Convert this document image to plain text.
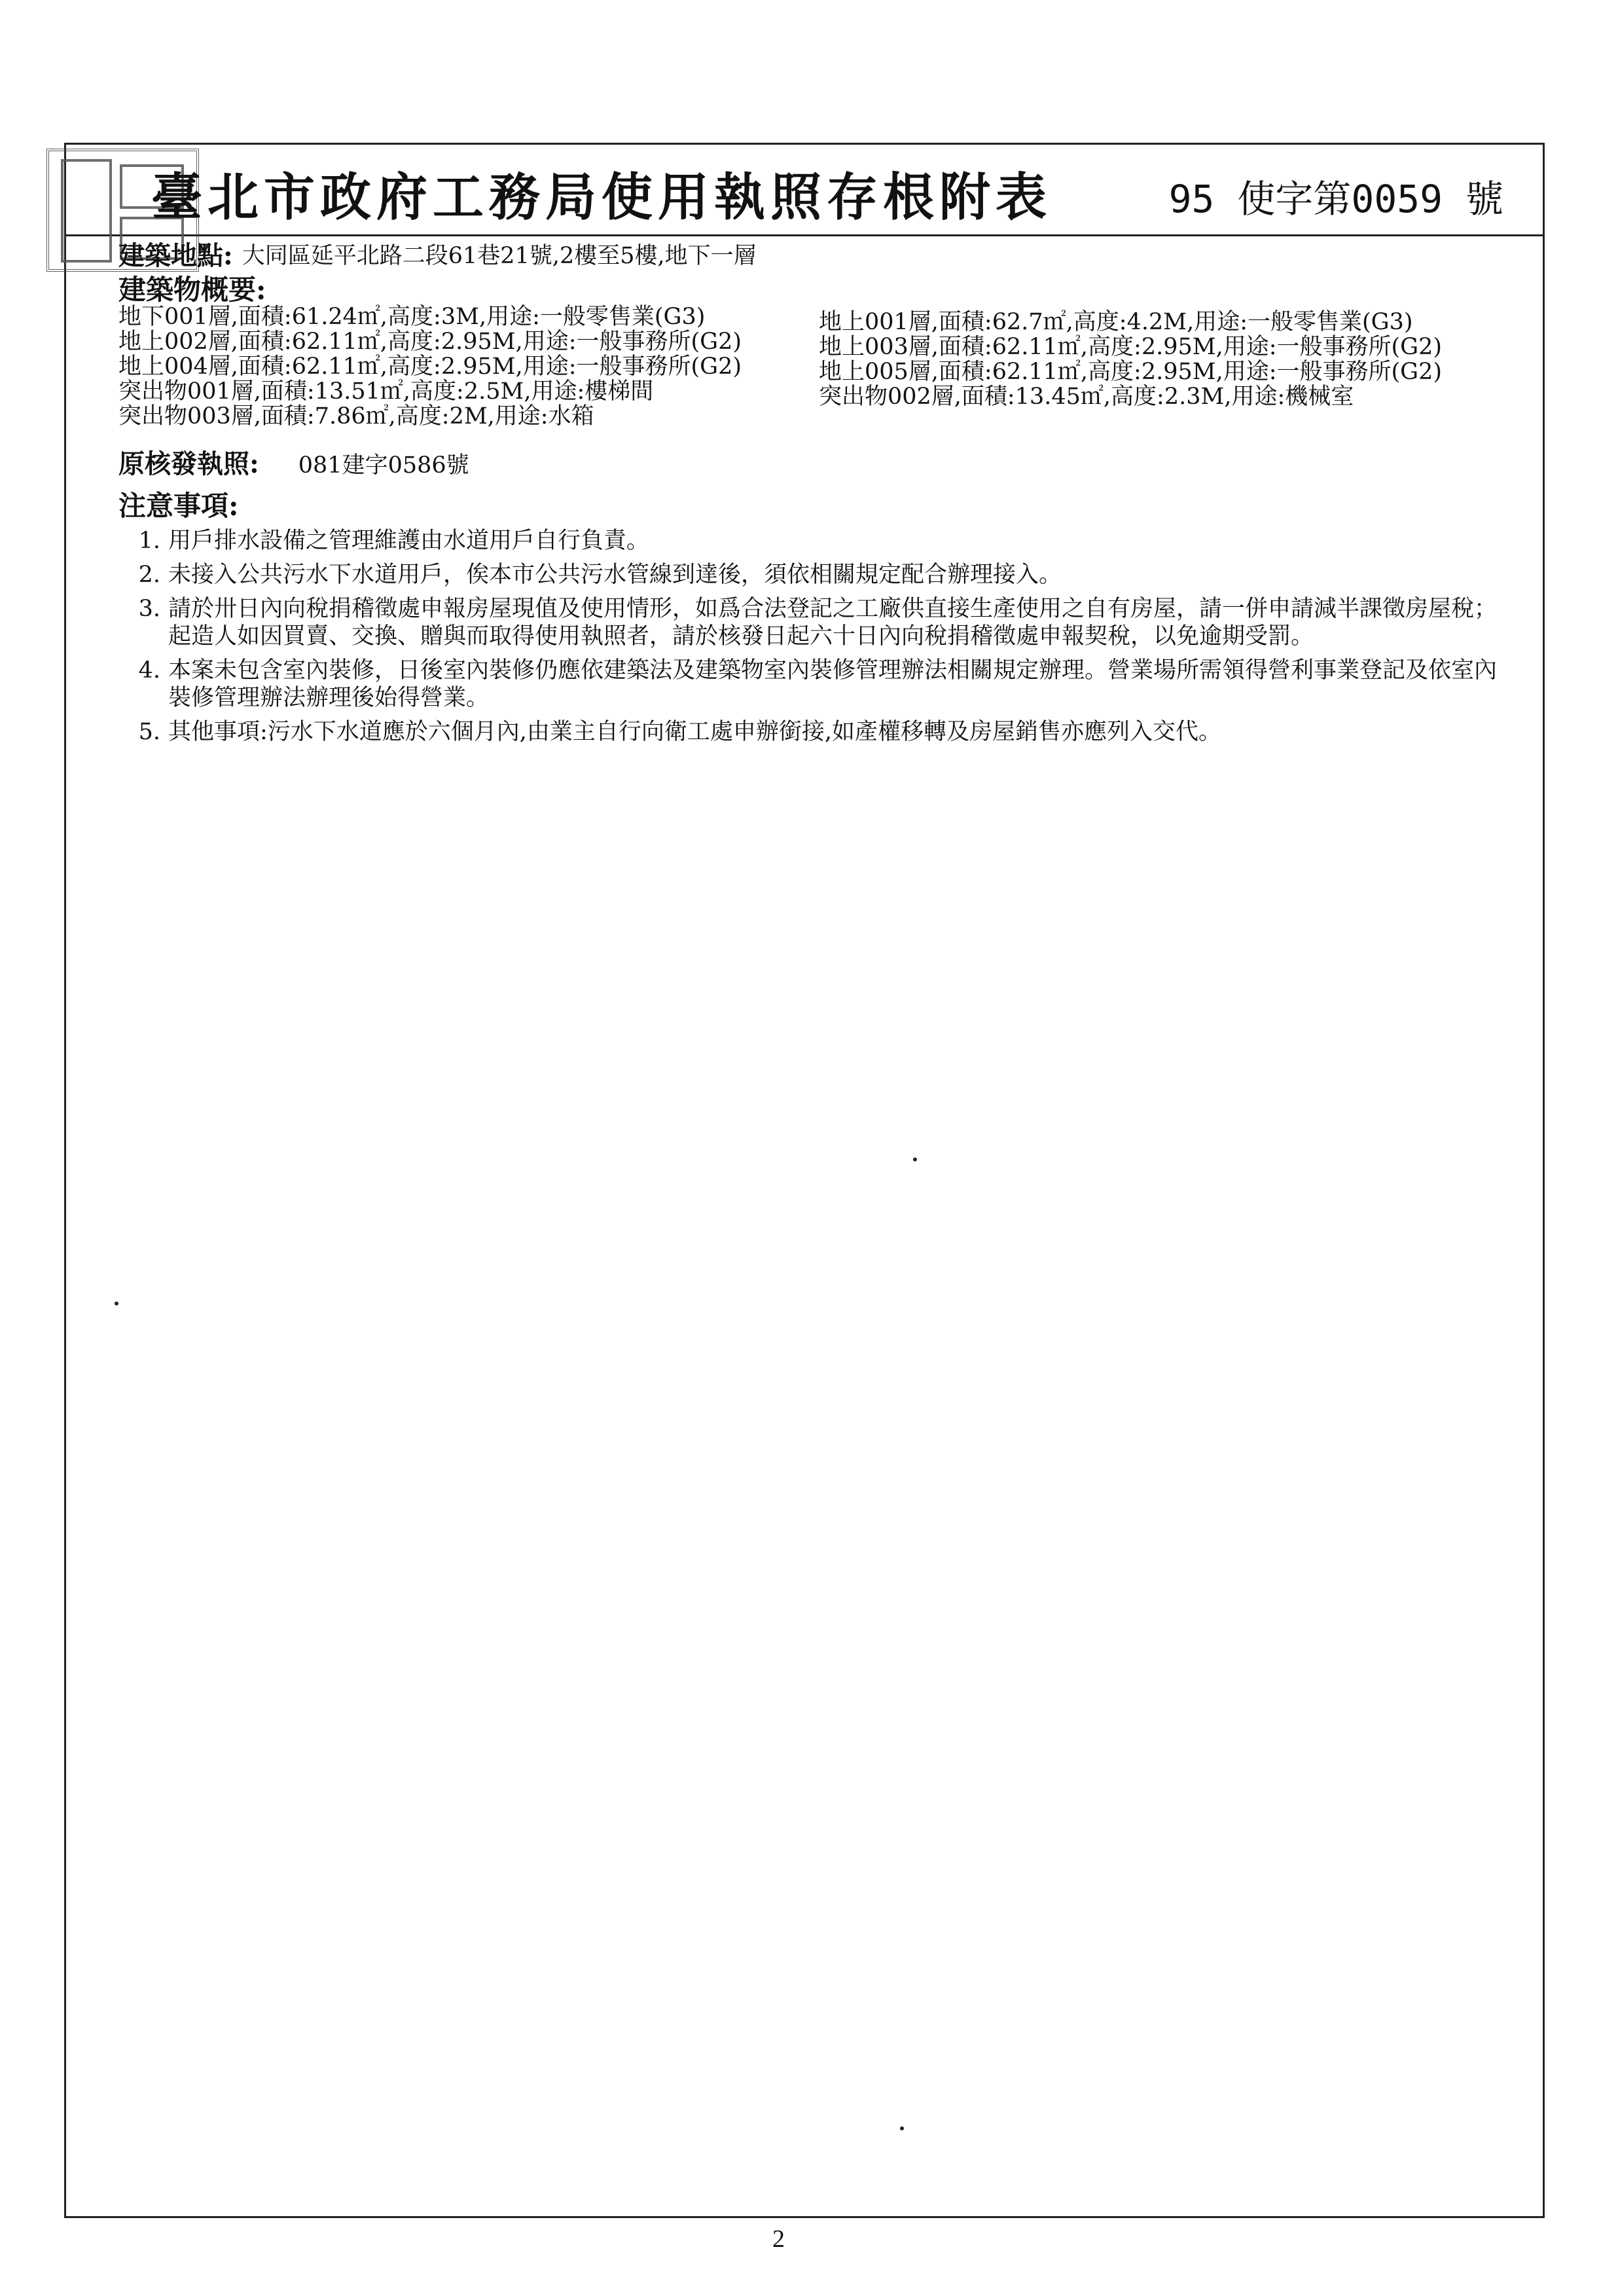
臺北市政府工務局使用執照存根附表	95 使字第0059 號
建築地點: 大同區延平北路二段61巷21號,2樓至5樓,地下一層
建築物概要:
地下001層,面積:61.24㎡,高度:3M,用途:一般零售業(G3)
地上002層,面積:62.11㎡,高度:2.95M,用途:一般事務所(G2)
地上004層,面積:62.11㎡,高度:2.95M,用途:一般事務所(G2)
突出物001層,面積:13.51㎡,高度:2.5M,用途:樓梯間
突出物003層,面積:7.86㎡,高度:2M,用途:水箱
地上001層,面積:62.7㎡,高度:4.2M,用途:一般零售業(G3)
地上003層,面積:62.11㎡,高度:2.95M,用途:一般事務所(G2)
地上005層,面積:62.11㎡,高度:2.95M,用途:一般事務所(G2)
突出物002層,面積:13.45㎡,高度:2.3M,用途:機械室
原核發執照: 081建字0586號
注意事項:
1. 用戶排水設備之管理維護由水道用戶自行負責。
2. 未接入公共污水下水道用戶，俟本市公共污水管線到達後，須依相關規定配合辦理接入。
3. 請於卅日內向稅捐稽徵處申報房屋現值及使用情形，如爲合法登記之工廠供直接生產使用之自有房屋，請一併申請減半課徵房屋稅；起造人如因買賣、交換、贈與而取得使用執照者，請於核發日起六十日內向稅捐稽徵處申報契稅，以免逾期受罰。
4. 本案未包含室內裝修，日後室內裝修仍應依建築法及建築物室內裝修管理辦法相關規定辦理。營業場所需領得營利事業登記及依室內裝修管理辦法辦理後始得營業。
5. 其他事項:污水下水道應於六個月內,由業主自行向衛工處申辦銜接,如產權移轉及房屋銷售亦應列入交代。
2
